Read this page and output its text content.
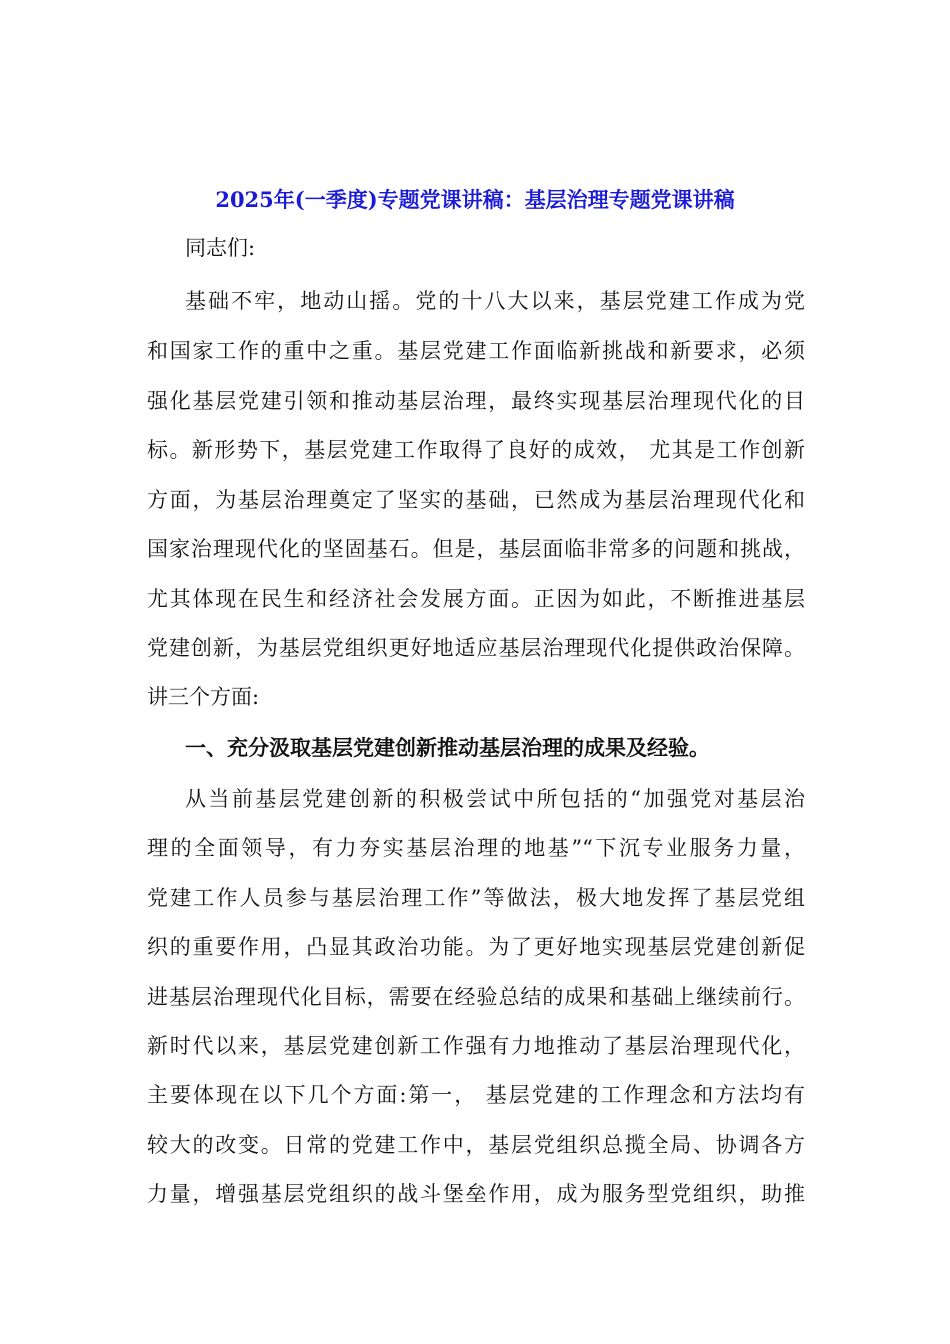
2025年(一季度)专题党课讲稿：基层治理专题党课讲稿

同志们:

基础不牢，地动山摇。党的十八大以来，基层党建工作成为党

和国家工作的重中之重。基层党建工作面临新挑战和新要求，必须

强化基层党建引领和推动基层治理，最终实现基层治理现代化的目

标。新形势下，基层党建工作取得了良好的成效， 尤其是工作创新

方面，为基层治理奠定了坚实的基础，已然成为基层治理现代化和

国家治理现代化的坚固基石。但是，基层面临非常多的问题和挑战，

尤其体现在民生和经济社会发展方面。正因为如此，不断推进基层

党建创新，为基层党组织更好地适应基层治理现代化提供政治保障。

讲三个方面:

一、充分汲取基层党建创新推动基层治理的成果及经验。

从当前基层党建创新的积极尝试中所包括的“加强党对基层治

理的全面领导，有力夯实基层治理的地基”“下沉专业服务力量，

党建工作人员参与基层治理工作”等做法，极大地发挥了基层党组

织的重要作用，凸显其政治功能。为了更好地实现基层党建创新促

进基层治理现代化目标，需要在经验总结的成果和基础上继续前行。

新时代以来，基层党建创新工作强有力地推动了基层治理现代化，

主要体现在以下几个方面:第一， 基层党建的工作理念和方法均有

较大的改变。日常的党建工作中，基层党组织总揽全局、协调各方

力量，增强基层党组织的战斗堡垒作用，成为服务型党组织，助推
